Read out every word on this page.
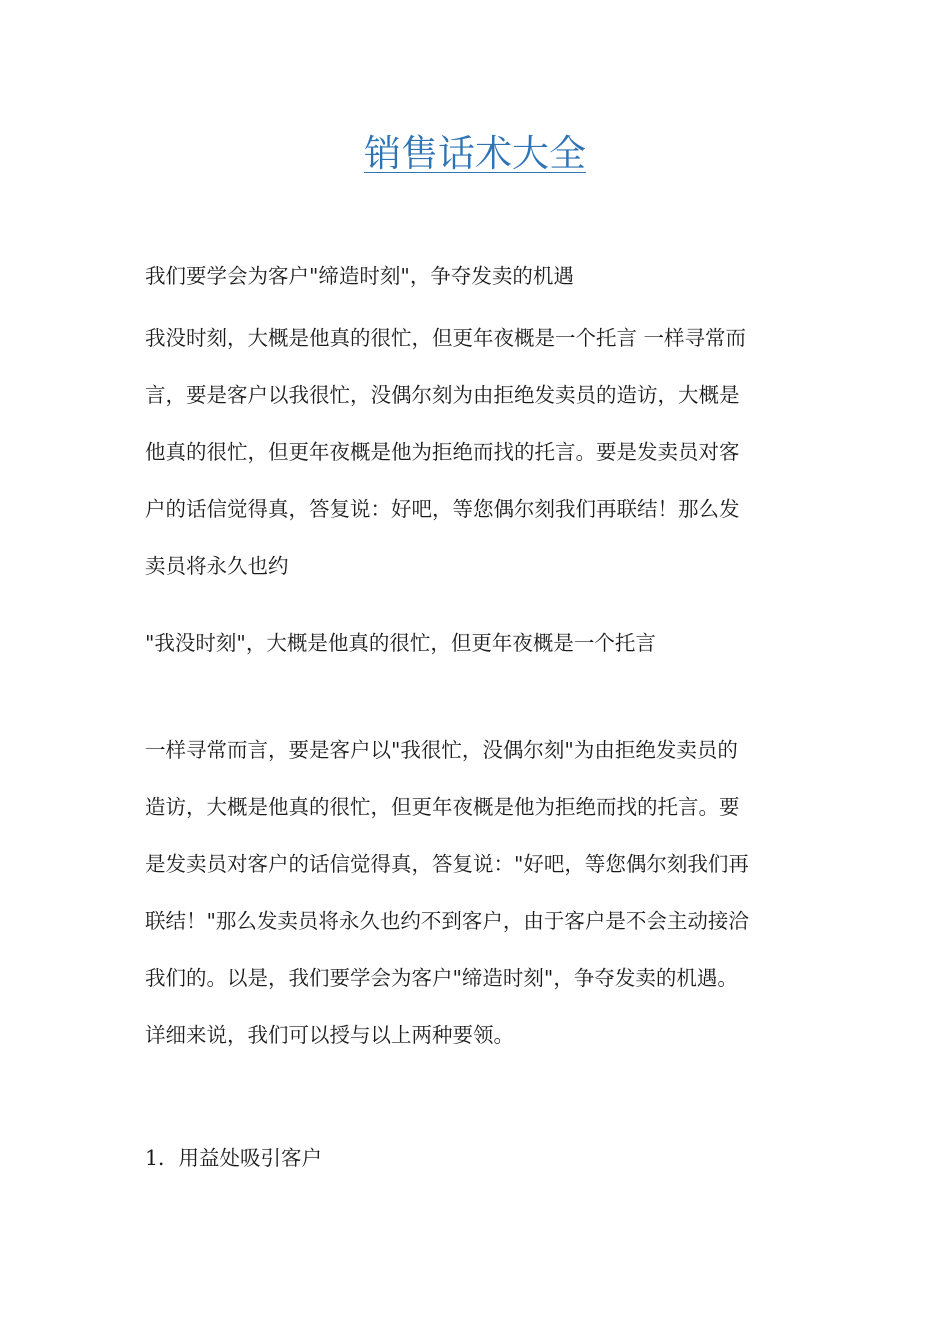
销售话术大全

我们要学会为客户"缔造时刻"，争夺发卖的机遇

我没时刻，大概是他真的很忙，但更年夜概是一个托言 一样寻常而
言，要是客户以我很忙，没偶尔刻为由拒绝发卖员的造访，大概是
他真的很忙，但更年夜概是他为拒绝而找的托言。要是发卖员对客
户的话信觉得真，答复说：好吧，等您偶尔刻我们再联结！那么发
卖员将永久也约

"我没时刻"，大概是他真的很忙，但更年夜概是一个托言

一样寻常而言，要是客户以"我很忙，没偶尔刻"为由拒绝发卖员的
造访，大概是他真的很忙，但更年夜概是他为拒绝而找的托言。要
是发卖员对客户的话信觉得真，答复说："好吧，等您偶尔刻我们再
联结！"那么发卖员将永久也约不到客户，由于客户是不会主动接洽
我们的。以是，我们要学会为客户"缔造时刻"，争夺发卖的机遇。
详细来说，我们可以授与以上两种要领。

1．用益处吸引客户
